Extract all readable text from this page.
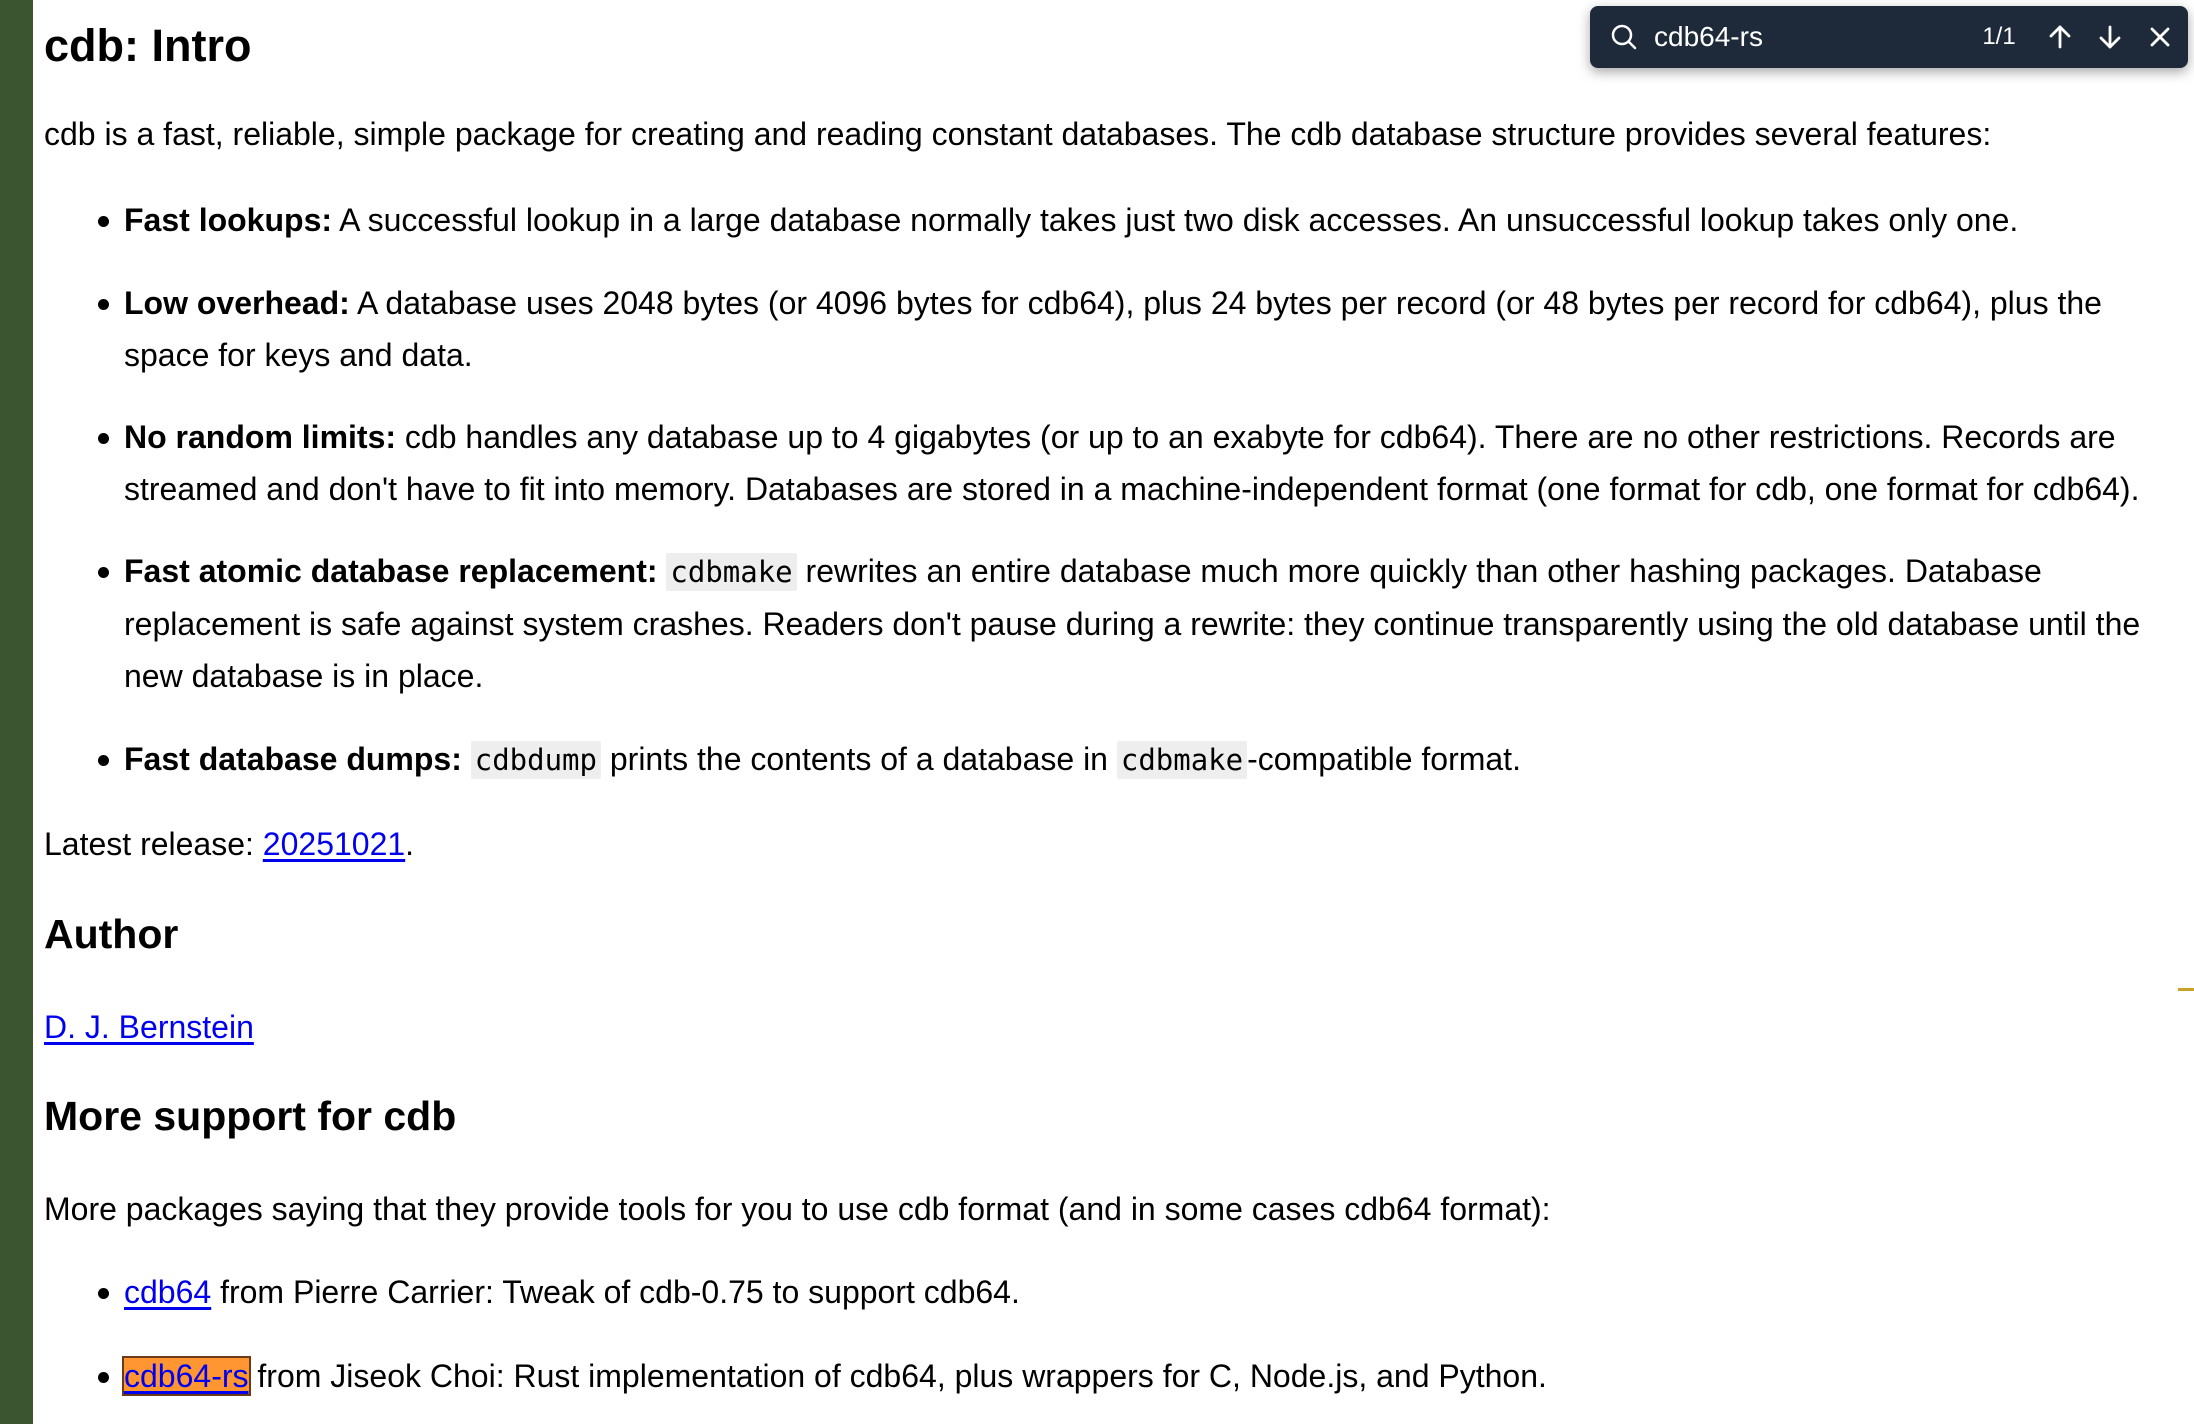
cdb: Intro

cdb is a fast, reliable, simple package for creating and reading constant databases. The cdb database structure provides several features:

Fast lookups: A successful lookup in a large database normally takes just two disk accesses. An unsuccessful lookup takes only one.
Low overhead: A database uses 2048 bytes (or 4096 bytes for cdb64), plus 24 bytes per record (or 48 bytes per record for cdb64), plus the
space for keys and data.
No random limits: cdb handles any database up to 4 gigabytes (or up to an exabyte for cdb64). There are no other restrictions. Records are
streamed and don't have to fit into memory. Databases are stored in a machine-independent format (one format for cdb, one format for cdb64).
Fast atomic database replacement: cdbmake rewrites an entire database much more quickly than other hashing packages. Database
replacement is safe against system crashes. Readers don't pause during a rewrite: they continue transparently using the old database until the
new database is in place.
Fast database dumps: cdbdump prints the contents of a database in cdbmake -compatible format.

Latest release: 20251021.

Author

D. J. Bernstein

More support for cdb

More packages saying that they provide tools for you to use cdb format (and in some cases cdb64 format):

cdb64 from Pierre Carrier: Tweak of cdb-0.75 to support cdb64.
cdb64-rs from Jiseok Choi: Rust implementation of cdb64, plus wrappers for C, Node.js, and Python.
cdb64-rs
1/1
